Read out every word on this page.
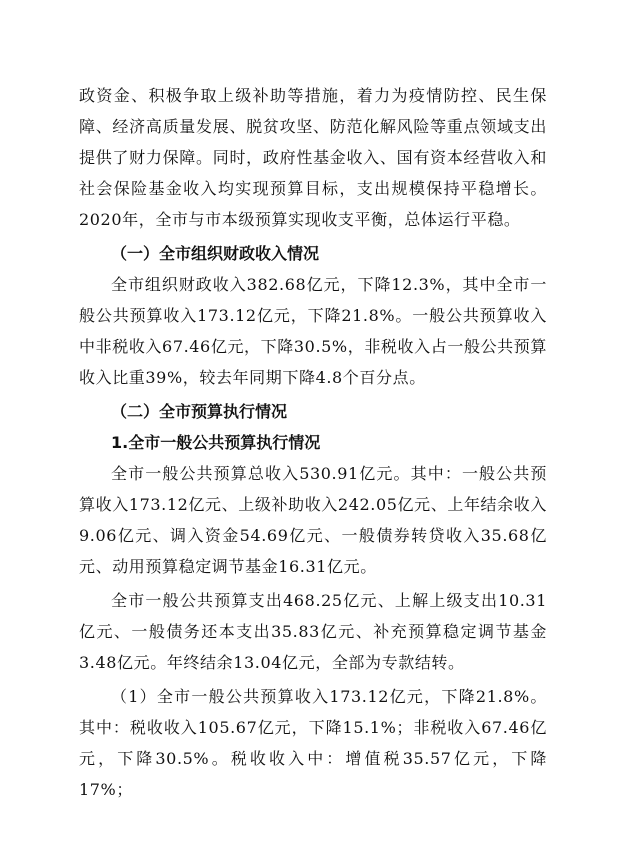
政资金、积极争取上级补助等措施，着力为疫情防控、民生保障、经济高质量发展、脱贫攻坚、防范化解风险等重点领域支出提供了财力保障。同时，政府性基金收入、国有资本经营收入和社会保险基金收入均实现预算目标，支出规模保持平稳增长。2020年，全市与市本级预算实现收支平衡，总体运行平稳。

（一）全市组织财政收入情况

全市组织财政收入382.68亿元，下降12.3%，其中全市一般公共预算收入173.12亿元，下降21.8%。一般公共预算收入中非税收入67.46亿元，下降30.5%，非税收入占一般公共预算收入比重39%，较去年同期下降4.8个百分点。

（二）全市预算执行情况

1.全市一般公共预算执行情况

全市一般公共预算总收入530.91亿元。其中：一般公共预算收入173.12亿元、上级补助收入242.05亿元、上年结余收入9.06亿元、调入资金54.69亿元、一般债券转贷收入35.68亿元、动用预算稳定调节基金16.31亿元。

全市一般公共预算支出468.25亿元、上解上级支出10.31亿元、一般债务还本支出35.83亿元、补充预算稳定调节基金3.48亿元。年终结余13.04亿元，全部为专款结转。

（1）全市一般公共预算收入173.12亿元，下降21.8%。其中：税收收入105.67亿元，下降15.1%；非税收入67.46亿元，下降30.5%。税收收入中：增值税35.57亿元，下降17%；
